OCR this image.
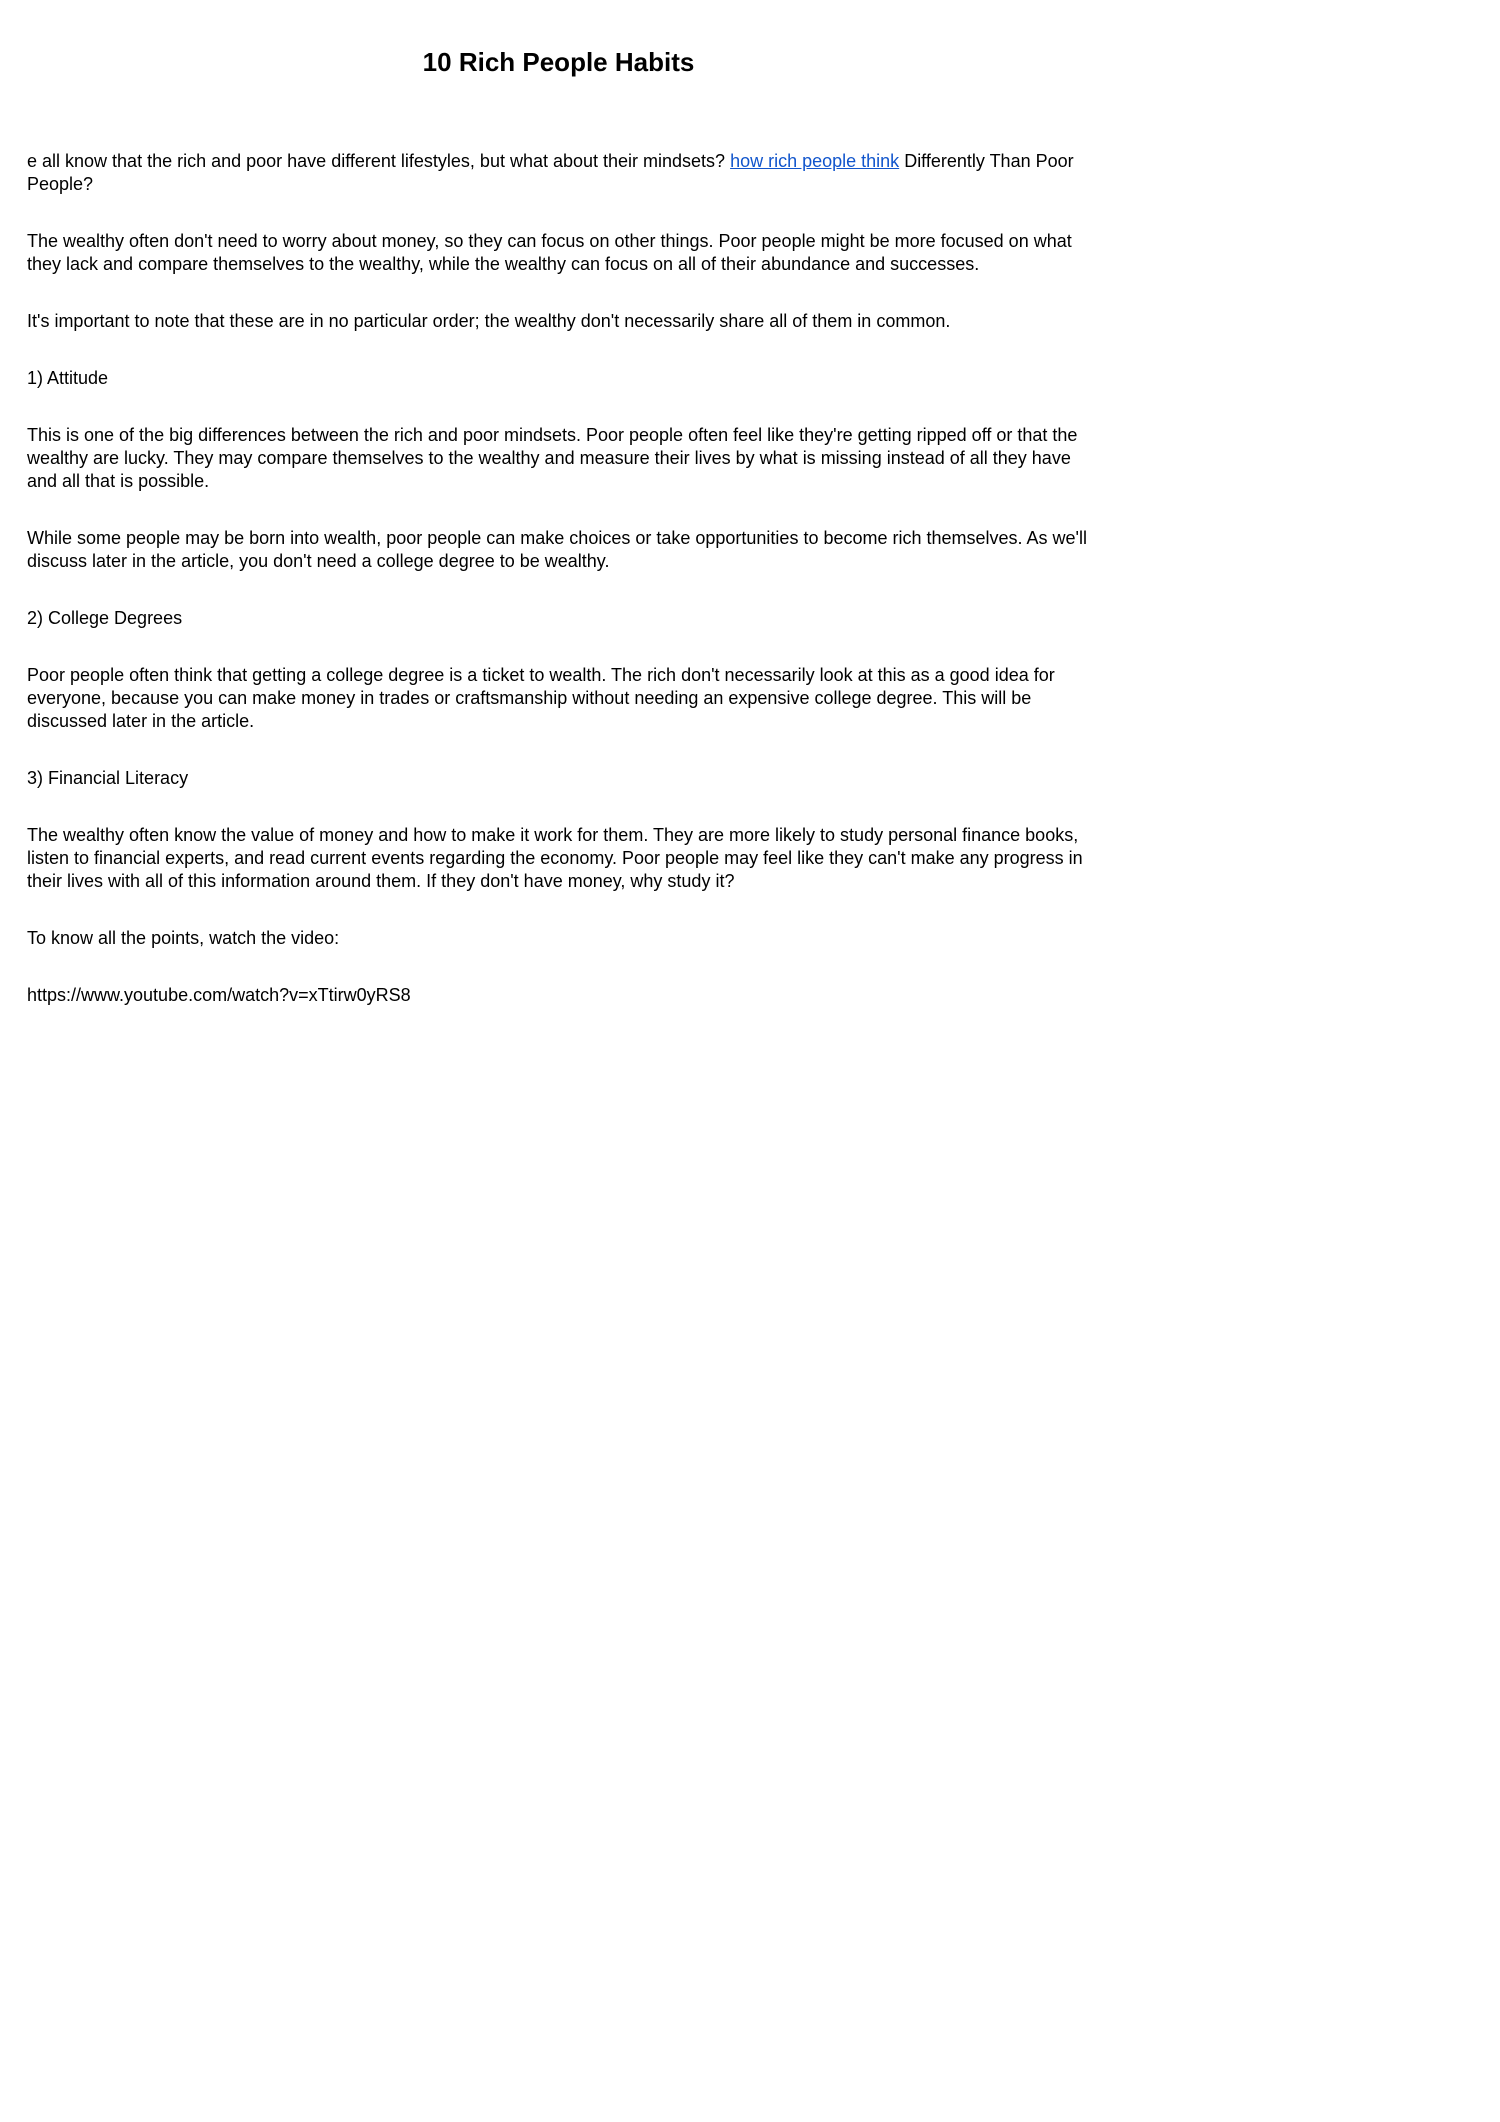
10 Rich People Habits

e all know that the rich and poor have different lifestyles, but what about their mindsets? how rich people think Differently Than Poor People?

The wealthy often don't need to worry about money, so they can focus on other things. Poor people might be more focused on what they lack and compare themselves to the wealthy, while the wealthy can focus on all of their abundance and successes.

It's important to note that these are in no particular order; the wealthy don't necessarily share all of them in common.

1) Attitude

This is one of the big differences between the rich and poor mindsets. Poor people often feel like they're getting ripped off or that the wealthy are lucky. They may compare themselves to the wealthy and measure their lives by what is missing instead of all they have and all that is possible.

While some people may be born into wealth, poor people can make choices or take opportunities to become rich themselves. As we'll discuss later in the article, you don't need a college degree to be wealthy.

2) College Degrees

Poor people often think that getting a college degree is a ticket to wealth. The rich don't necessarily look at this as a good idea for everyone, because you can make money in trades or craftsmanship without needing an expensive college degree. This will be discussed later in the article.

3) Financial Literacy

The wealthy often know the value of money and how to make it work for them. They are more likely to study personal finance books, listen to financial experts, and read current events regarding the economy. Poor people may feel like they can't make any progress in their lives with all of this information around them. If they don't have money, why study it?

To know all the points, watch the video:

https://www.youtube.com/watch?v=xTtirw0yRS8
